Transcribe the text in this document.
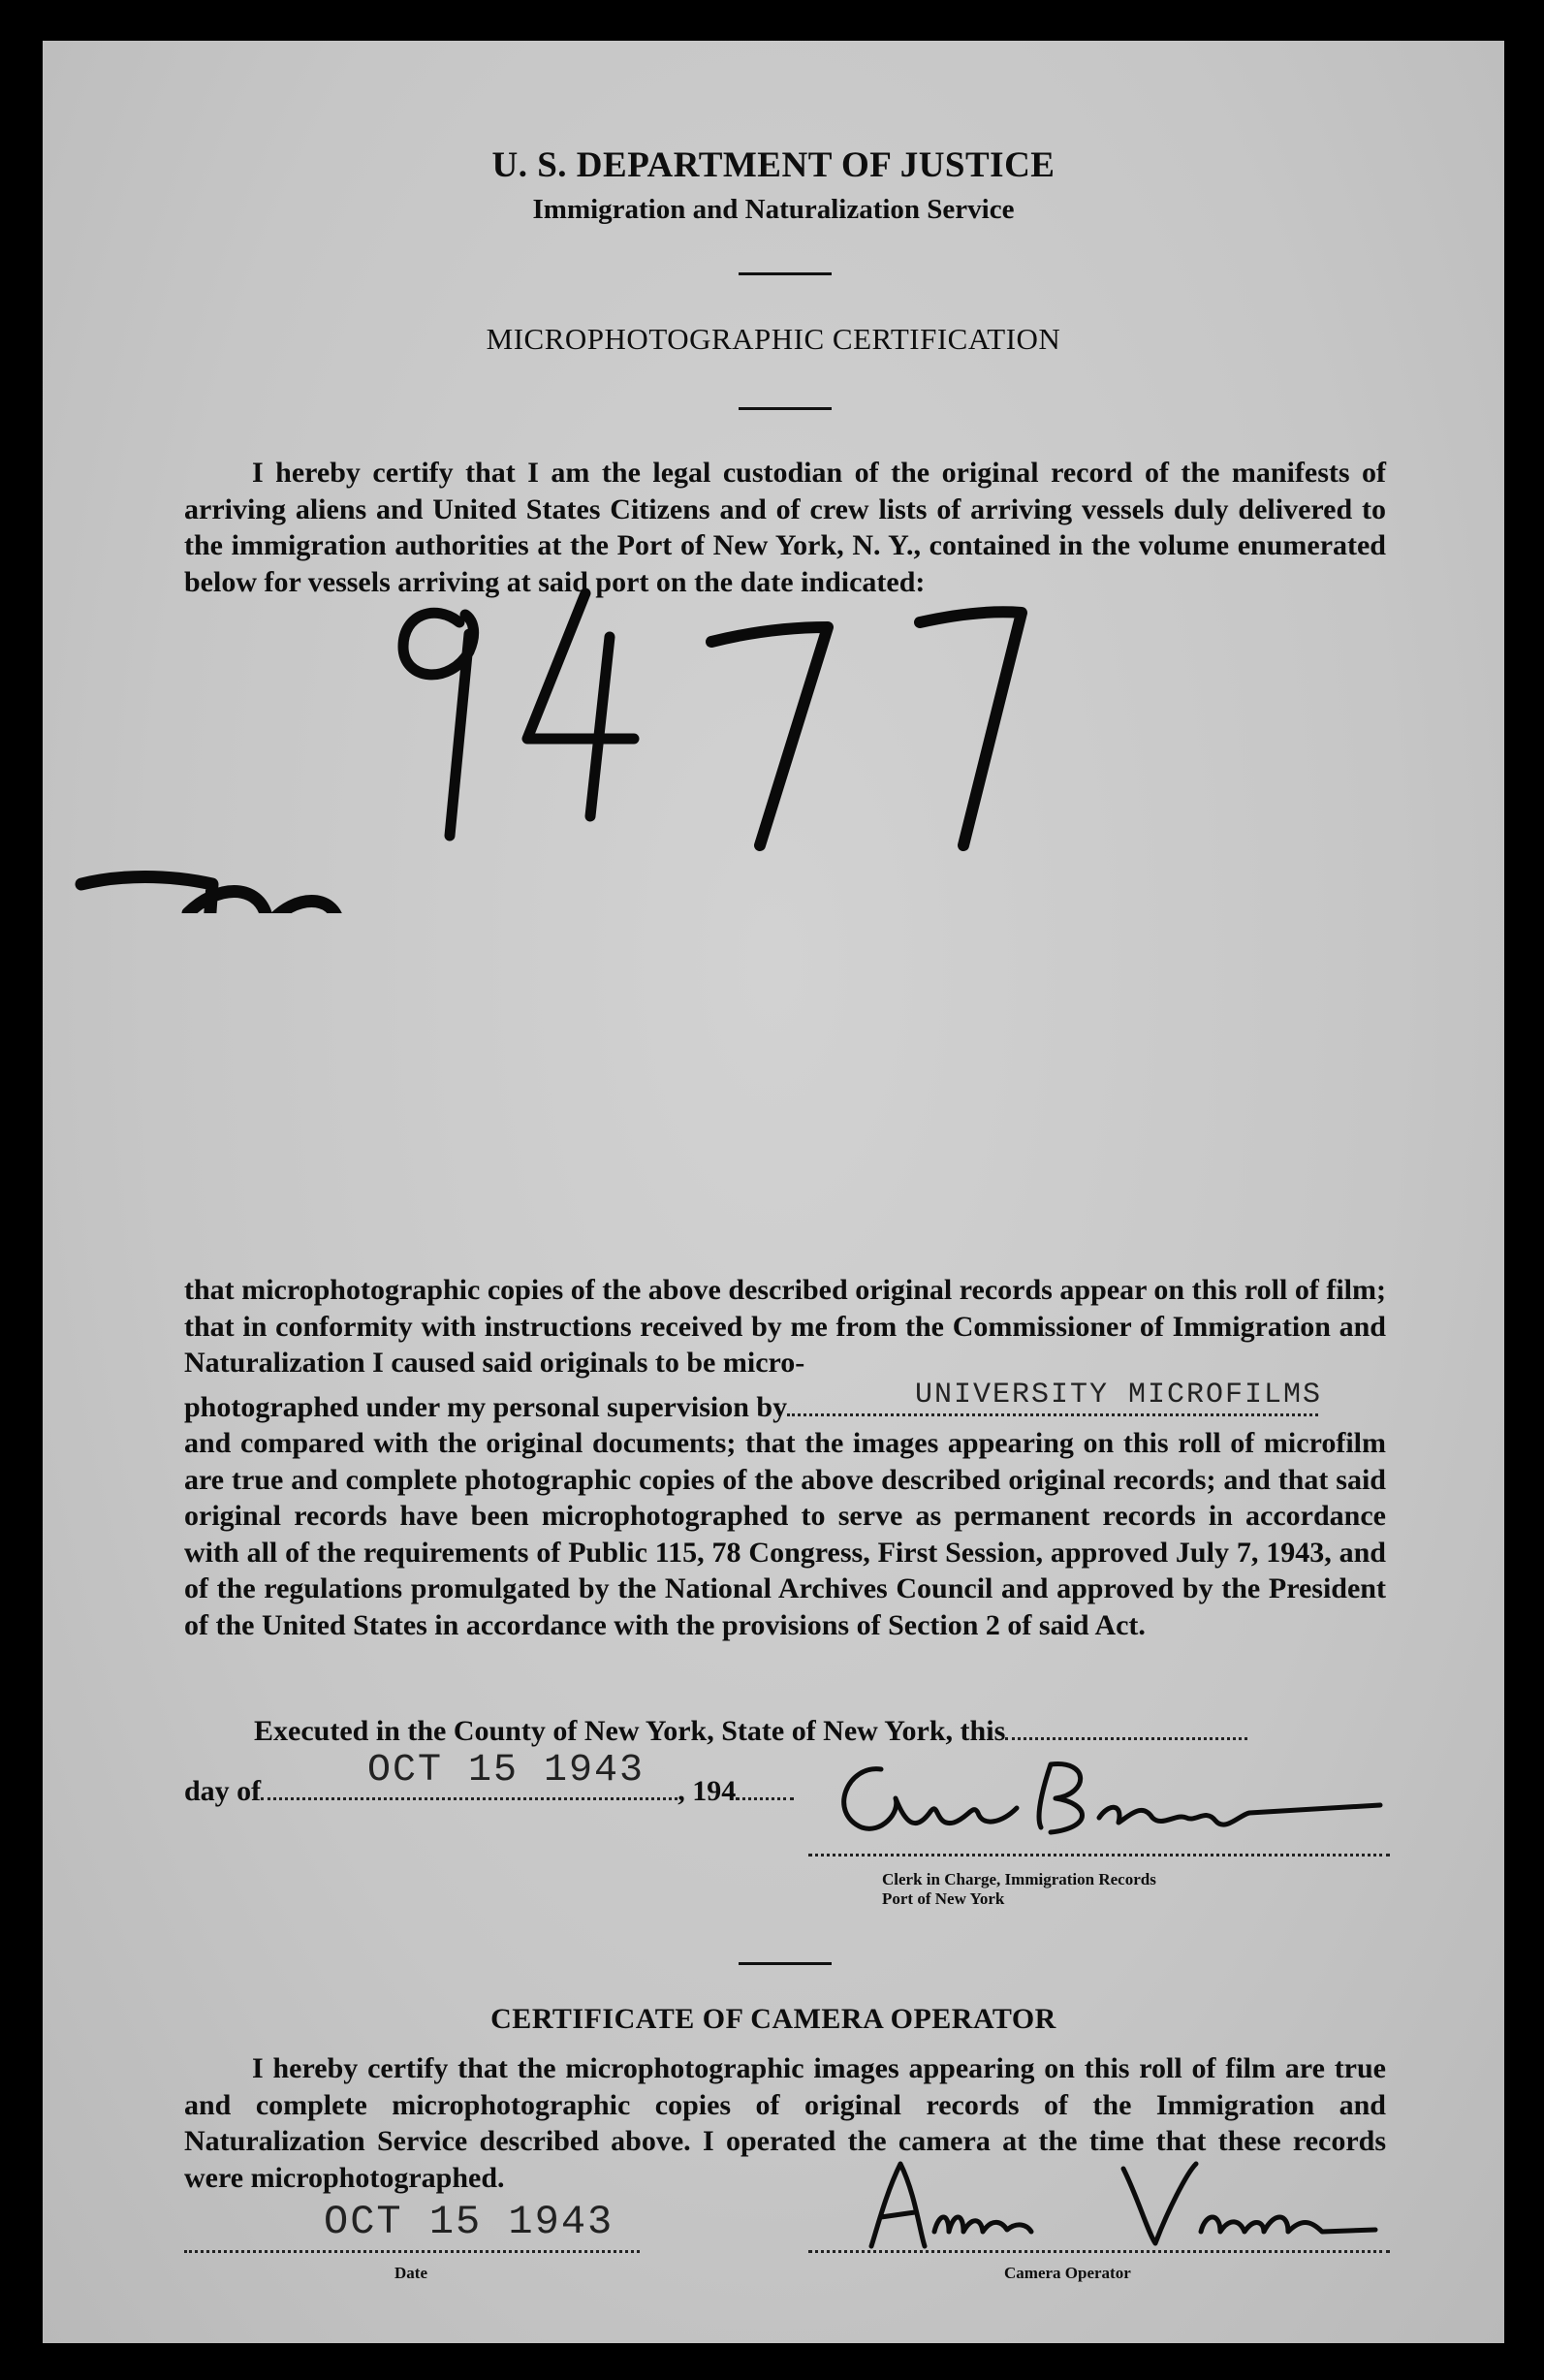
U. S. DEPARTMENT OF JUSTICE
Immigration and Naturalization Service
MICROPHOTOGRAPHIC CERTIFICATION
I hereby certify that I am the legal custodian of the original record of the manifests of arriving aliens and United States Citizens and of crew lists of arriving vessels duly delivered to the immigration authorities at the Port of New York, N. Y., contained in the volume enumerated below for vessels arriving at said port on the date indicated:
that microphotographic copies of the above described original records appear on this roll of film; that in conformity with instructions received by me from the Commissioner of Immigration and Naturalization I caused said originals to be micro-
photographed under my personal supervision by	UNIVERSITY MICROFILMS
and compared with the original documents; that the images appearing on this roll of microfilm are true and complete photographic copies of the above described original records; and that said original records have been microphotographed to serve as permanent records in accordance with all of the requirements of Public 115, 78 Congress, First Session, approved July 7, 1943, and of the regulations promulgated by the National Archives Council and approved by the President of the United States in accordance with the provisions of Section 2 of said Act.
Executed in the County of New York, State of New York, this
day of	, 194
OCT 15 1943
Clerk in Charge, Immigration Records
Port of New York
CERTIFICATE OF CAMERA OPERATOR
I hereby certify that the microphotographic images appearing on this roll of film are true and complete microphotographic copies of original records of the Immigration and Naturalization Service described above. I operated the camera at the time that these records were microphotographed.
OCT 15 1943
Date	Camera Operator
